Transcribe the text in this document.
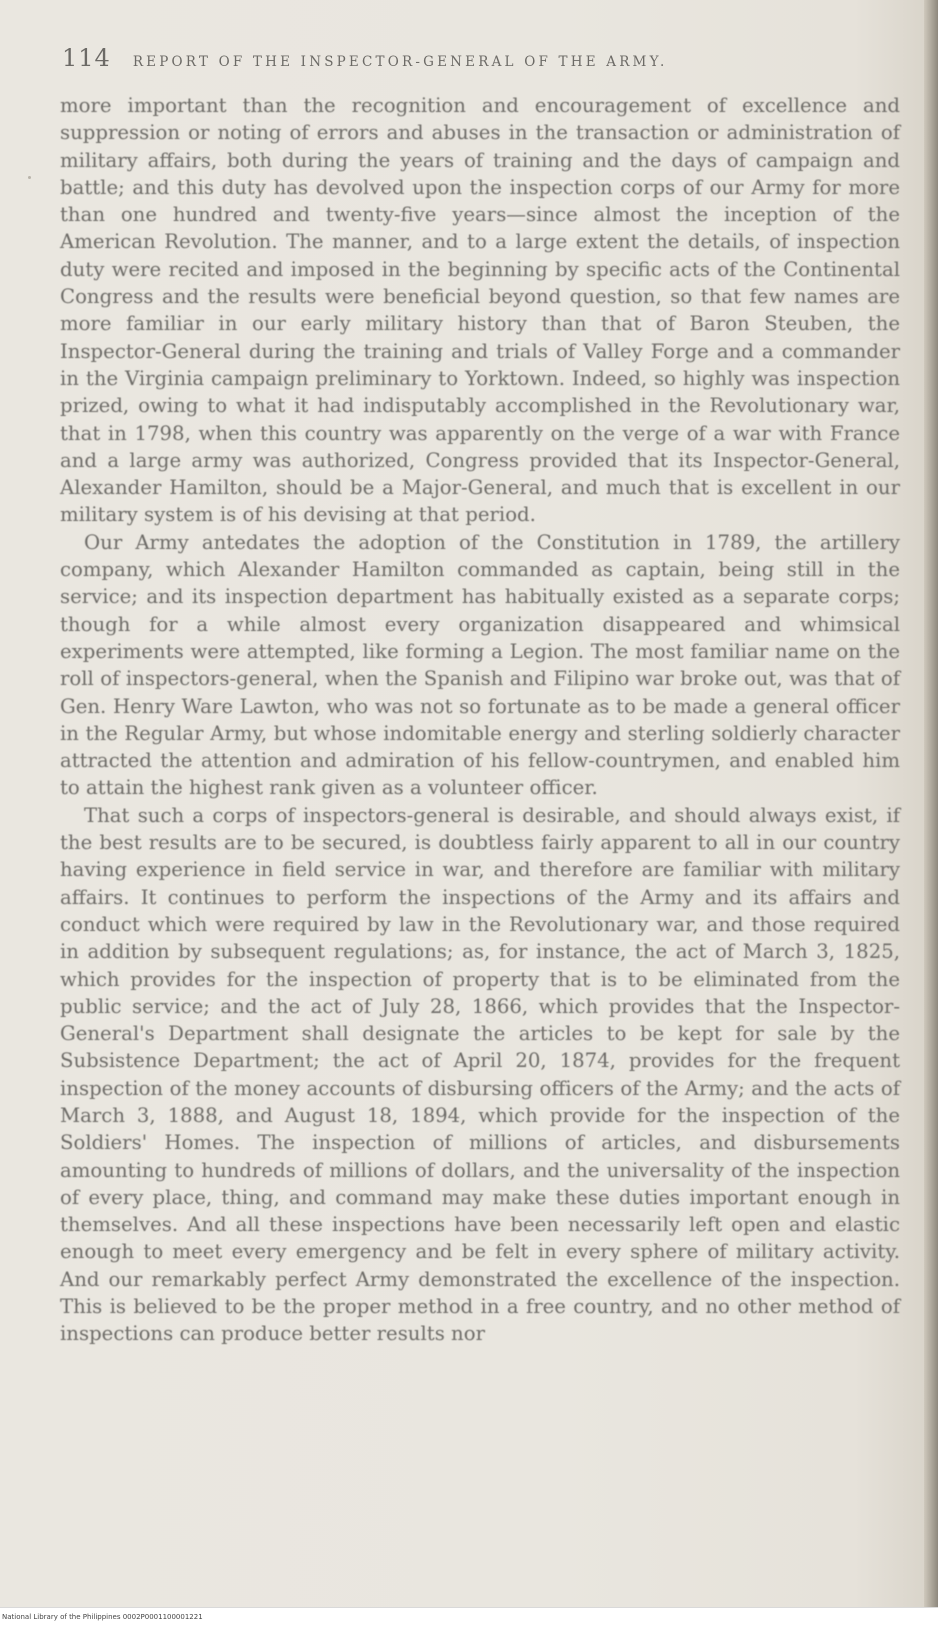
114 REPORT OF THE INSPECTOR-GENERAL OF THE ARMY.

more important than the recognition and encouragement of excellence and suppression or noting of errors and abuses in the transaction or administration of military affairs, both during the years of training and the days of campaign and battle; and this duty has devolved upon the inspection corps of our Army for more than one hundred and twenty-five years—since almost the inception of the American Revolution. The manner, and to a large extent the details, of inspection duty were recited and imposed in the beginning by specific acts of the Continental Congress and the results were beneficial beyond question, so that few names are more familiar in our early military history than that of Baron Steuben, the Inspector-General during the training and trials of Valley Forge and a commander in the Virginia campaign preliminary to Yorktown. Indeed, so highly was inspection prized, owing to what it had indisputably accomplished in the Revolutionary war, that in 1798, when this country was apparently on the verge of a war with France and a large army was authorized, Congress provided that its Inspector-General, Alexander Hamilton, should be a Major-General, and much that is excellent in our military system is of his devising at that period.

Our Army antedates the adoption of the Constitution in 1789, the artillery company, which Alexander Hamilton commanded as captain, being still in the service; and its inspection department has habitually existed as a separate corps; though for a while almost every organization disappeared and whimsical experiments were attempted, like forming a Legion. The most familiar name on the roll of inspectors-general, when the Spanish and Filipino war broke out, was that of Gen. Henry Ware Lawton, who was not so fortunate as to be made a general officer in the Regular Army, but whose indomitable energy and sterling soldierly character attracted the attention and admiration of his fellow-countrymen, and enabled him to attain the highest rank given as a volunteer officer.

That such a corps of inspectors-general is desirable, and should always exist, if the best results are to be secured, is doubtless fairly apparent to all in our country having experience in field service in war, and therefore are familiar with military affairs. It continues to perform the inspections of the Army and its affairs and conduct which were required by law in the Revolutionary war, and those required in addition by subsequent regulations; as, for instance, the act of March 3, 1825, which provides for the inspection of property that is to be eliminated from the public service; and the act of July 28, 1866, which provides that the Inspector-General's Department shall designate the articles to be kept for sale by the Subsistence Department; the act of April 20, 1874, provides for the frequent inspection of the money accounts of disbursing officers of the Army; and the acts of March 3, 1888, and August 18, 1894, which provide for the inspection of the Soldiers' Homes. The inspection of millions of articles, and disbursements amounting to hundreds of millions of dollars, and the universality of the inspection of every place, thing, and command may make these duties important enough in themselves. And all these inspections have been necessarily left open and elastic enough to meet every emergency and be felt in every sphere of military activity. And our remarkably perfect Army demonstrated the excellence of the inspection. This is believed to be the proper method in a free country, and no other method of inspections can produce better results nor

National Library of the Philippines 0002P0001100001221
